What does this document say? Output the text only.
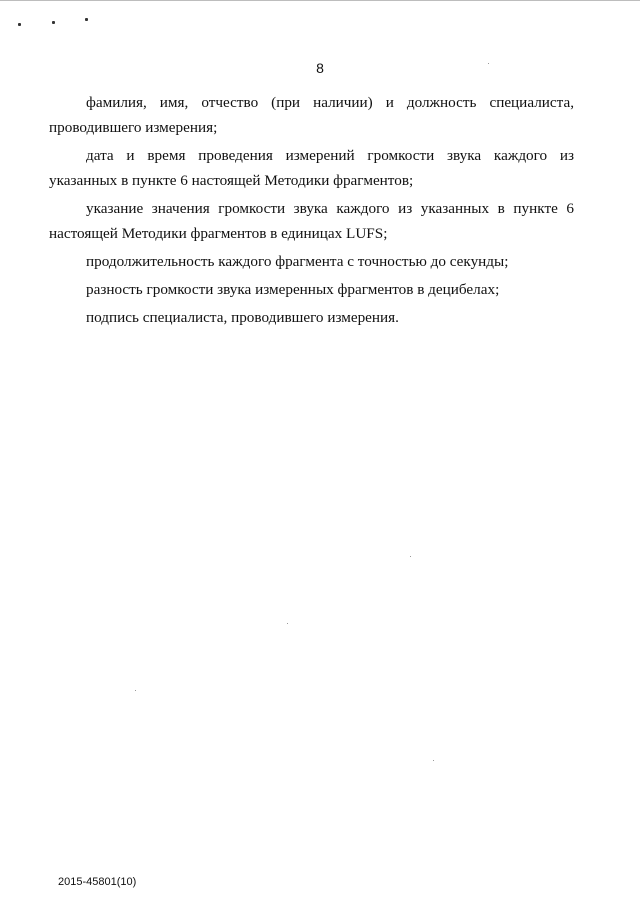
8

фамилия, имя, отчество (при наличии) и должность специалиста, проводившего измерения;

дата и время проведения измерений громкости звука каждого из указанных в пункте 6 настоящей Методики фрагментов;

указание значения громкости звука каждого из указанных в пункте 6 настоящей Методики фрагментов в единицах LUFS;

продолжительность каждого фрагмента с точностью до секунды;

разность громкости звука измеренных фрагментов в децибелах;

подпись специалиста, проводившего измерения.

2015-45801(10)
